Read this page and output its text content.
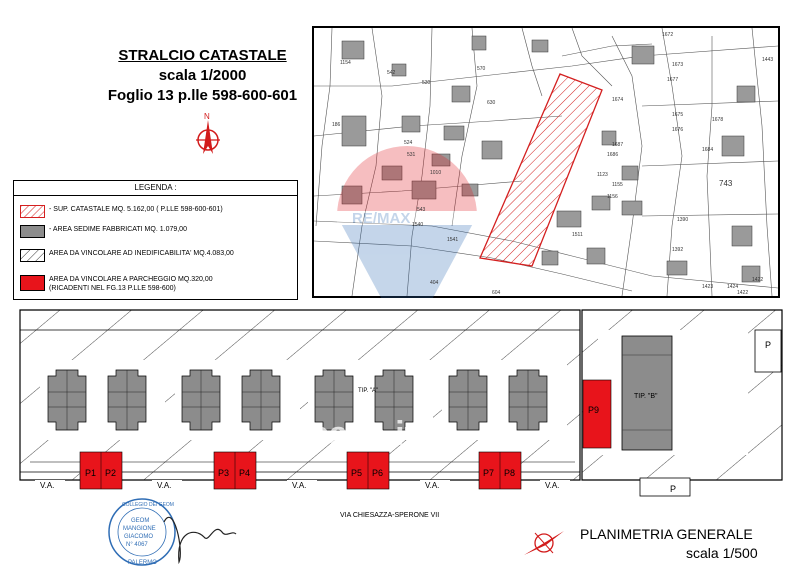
STRALCIO CATASTALE
scala 1/2000
Foglio 13 p.lle 598-600-601
N
LEGENDA :
- SUP. CATASTALE MQ. 5.162,00 ( P.LLE 598-600-601)
- AREA SEDIME FABBRICATI MQ. 1.079,00
AREA DA VINCOLARE AD INEDIFICABILITA' MQ.4.083,00
AREA DA VINCOLARE A PARCHEGGIO MQ.320,00
(RICADENTI NEL FG.13 P.LLE 598-600)
RE/MAX
743
1154
542
570
1672
1674
1673
1675
1676
1677
1678
1686
1687
1684
1123
1155
1156
1540
1541
1392
1390
1424
1422
1423
404
604
630
530
531
186
543
524
1010
1511
1443
1422
TIP. "A"
TIP. "B"
P
P
P1 P2	P3 P4	P5 P6	P7 P8
P9
V.A.	V.A.	V.A.	V.A.	V.A.
casa.it
VIA CHIESAZZA-SPERONE VII
COLLEGIO DEI GEOM
GEOM
MANGIONE
GIACOMO
N° 4067
PALERMO
PLANIMETRIA GENERALE
scala 1/500
